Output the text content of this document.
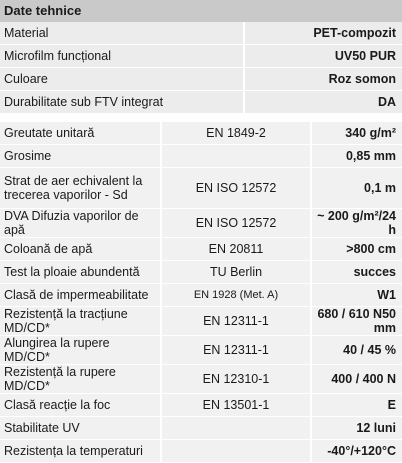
Date tehnice
Material	PET-compozit
Microfilm funcțional	UV50 PUR
Culoare	Roz somon
Durabilitate sub FTV integrat	DA
Greutate unitară	EN 1849-2	340 g/m²
Grosime		0,85 mm
Strat de aer echivalent la trecerea vaporilor - Sd	EN ISO 12572	0,1 m
DVA Difuzia vaporilor de apă	EN ISO 12572	~ 200 g/m²/24 h
Coloană de apă	EN 20811	>800 cm
Test la ploaie abundentă	TU Berlin	succes
Clasă de impermeabilitate	EN 1928 (Met. A)	W1
Rezistență la tracțiune MD/CD*	EN 12311-1	680 / 610 N50 mm
Alungirea la rupere MD/CD*	EN 12311-1	40 / 45 %
Rezistență la rupere MD/CD*	EN 12310-1	400 / 400 N
Clasă reacție la foc	EN 13501-1	E
Stabilitate UV		12 luni
Rezistența la temperaturi		-40°/+120°C
